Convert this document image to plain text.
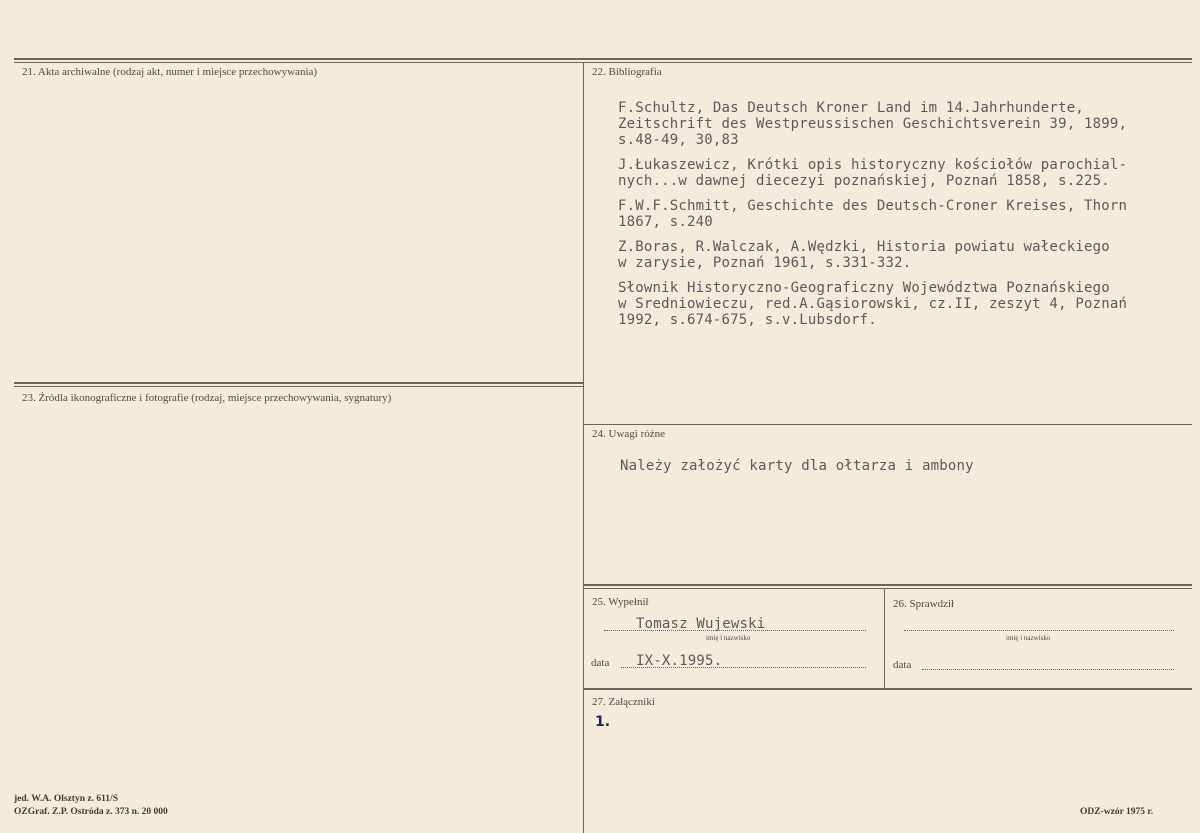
21. Akta archiwalne (rodzaj akt, numer i miejsce przechowywania)	22. Bibliografia
F.Schultz, Das Deutsch Kroner Land im 14.Jahrhunderte,
Zeitschrift des Westpreussischen Geschichtsverein 39, 1899,
s.48-49, 30,83
J.Łukaszewicz, Krótki opis historyczny kościołów parochial-
nych...w dawnej diecezyi poznańskiej, Poznań 1858, s.225.
F.W.F.Schmitt, Geschichte des Deutsch-Croner Kreises, Thorn
1867, s.240
Z.Boras, R.Walczak, A.Wędzki, Historia powiatu wałeckiego
w zarysie, Poznań 1961, s.331-332.
Słownik Historyczno-Geograficzny Województwa Poznańskiego
w Sredniowieczu, red.A.Gąsiorowski, cz.II, zeszyt 4, Poznań
1992, s.674-675, s.v.Lubsdorf.
23. Źródla ikonograficzne i fotografie (rodzaj, miejsce przechowywania, sygnatury)
24. Uwagi różne
Należy założyć karty dla ołtarza i ambony
25. Wypełnił
Tomasz Wujewski
imię i nazwisko
data IX-X.1995.
26. Sprawdził
imię i nazwisko
data
27. Załączniki
1.
jed. W.A. Olsztyn z. 611/S
OZGraf. Z.P. Ostróda z. 373 n. 20 000	ODZ-wzór 1975 r.
